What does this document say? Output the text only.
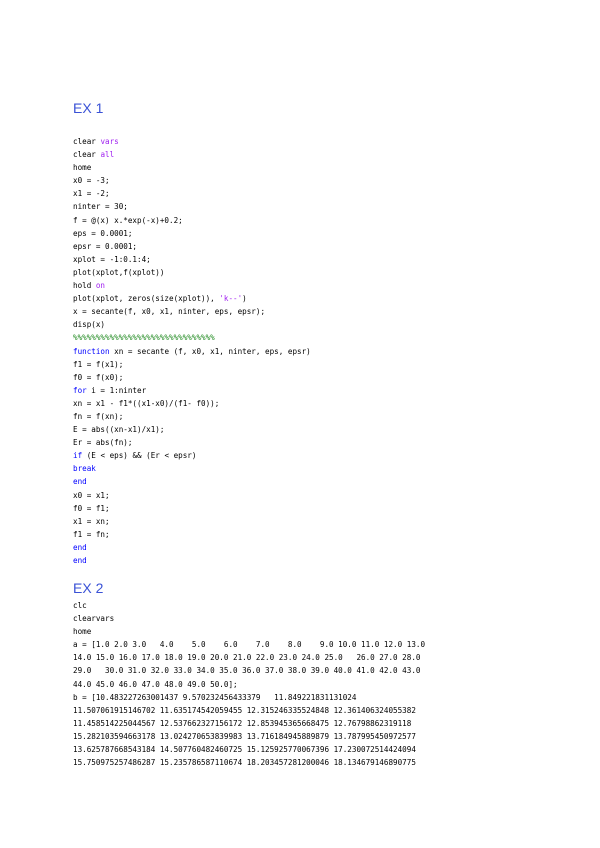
EX 1
clear vars
clear all
home
x0 = -3;
x1 = -2;
ninter = 30;
f = @(x) x.*exp(-x)+0.2;
eps = 0.0001;
epsr = 0.0001;
xplot = -1:0.1:4;
plot(xplot,f(xplot))
hold on
plot(xplot, zeros(size(xplot)), 'k--')
x = secante(f, x0, x1, ninter, eps, epsr);
disp(x)
%%%%%%%%%%%%%%%%%%%%%%%%%%%%%%%
function xn = secante (f, x0, x1, ninter, eps, epsr)
f1 = f(x1);
f0 = f(x0);
for i = 1:ninter
xn = x1 - f1*((x1-x0)/(f1- f0));
fn = f(xn);
E = abs((xn-x1)/x1);
Er = abs(fn);
if (E < eps) && (Er < epsr)
break
end
x0 = x1;
f0 = f1;
x1 = xn;
f1 = fn;
end
end
EX 2
clc
clearvars
home
a = [1.0 2.0 3.0   4.0    5.0    6.0    7.0    8.0    9.0 10.0 11.0 12.0 13.0
14.0 15.0 16.0 17.0 18.0 19.0 20.0 21.0 22.0 23.0 24.0 25.0   26.0 27.0 28.0
29.0   30.0 31.0 32.0 33.0 34.0 35.0 36.0 37.0 38.0 39.0 40.0 41.0 42.0 43.0
44.0 45.0 46.0 47.0 48.0 49.0 50.0];
b = [10.483227263001437 9.570232456433379   11.849221831131024
11.507061915146702 11.635174542059455 12.315246335524848 12.361406324055382
11.458514225044567 12.537662327156172 12.853945365668475 12.76798862319118
15.282103594663178 13.024270653839983 13.716184945889879 13.787995450972577
13.625787668543184 14.507760482460725 15.125925770067396 17.230072514424094
15.750975257486287 15.235786587110674 18.203457281200046 18.134679146890775
